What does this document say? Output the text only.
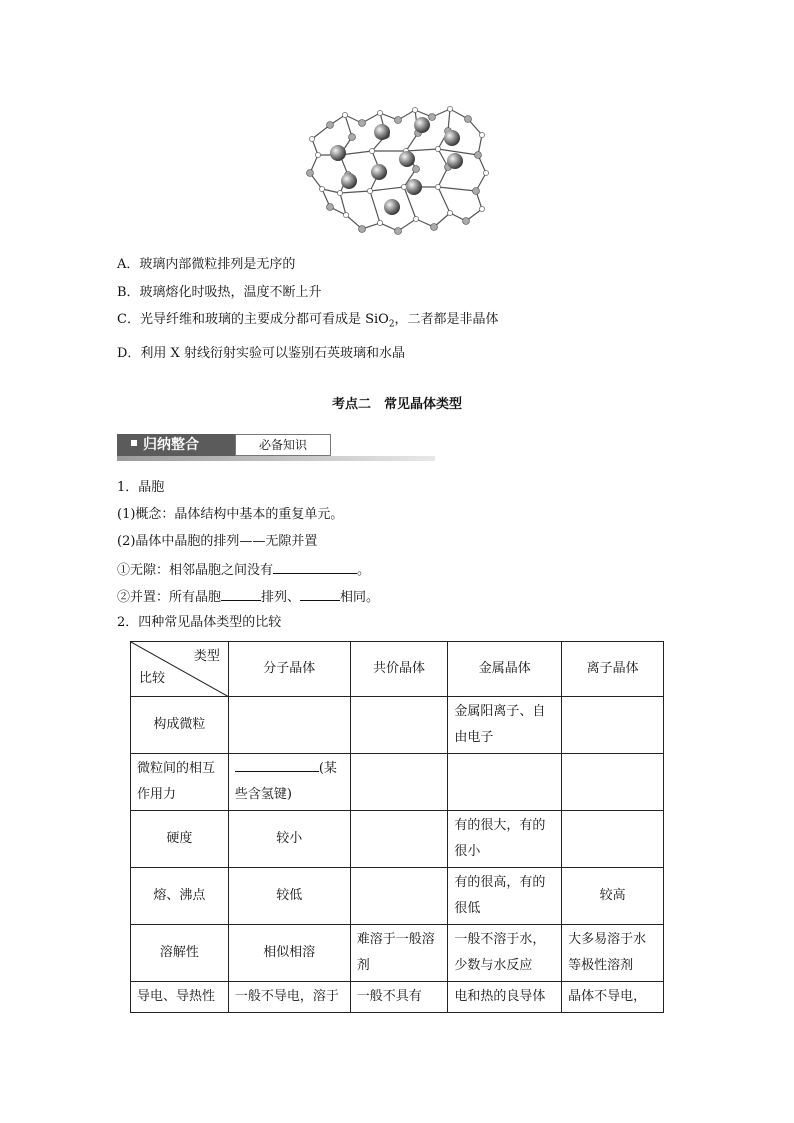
A．玻璃内部微粒排列是无序的
B．玻璃熔化时吸热，温度不断上升
C．光导纤维和玻璃的主要成分都可看成是 SiO$_2$，二者都是非晶体
D．利用 X 射线衍射实验可以鉴别石英玻璃和水晶
考点二　常见晶体类型
归纳整合	必备知识
1．晶胞
(1)概念：晶体结构中基本的重复单元。
(2)晶体中晶胞的排列——无隙并置
①无隙：相邻晶胞之间没有	。
②并置：所有晶胞	排列、	相同。
2．四种常见晶体类型的比较
类型
比较	分子晶体	共价晶体	金属晶体	离子晶体
构成微粒			金属阳离子、自由电子	
微粒间的相互作用力	(某些含氢键)			
硬度	较小		有的很大，有的很小	
熔、沸点	较低		有的很高，有的很低	较高
溶解性	相似相溶	难溶于一般溶剂	一般不溶于水，少数与水反应	大多易溶于水等极性溶剂
导电、导热性	一般不导电，溶于	一般不具有	电和热的良导体	晶体不导电，
